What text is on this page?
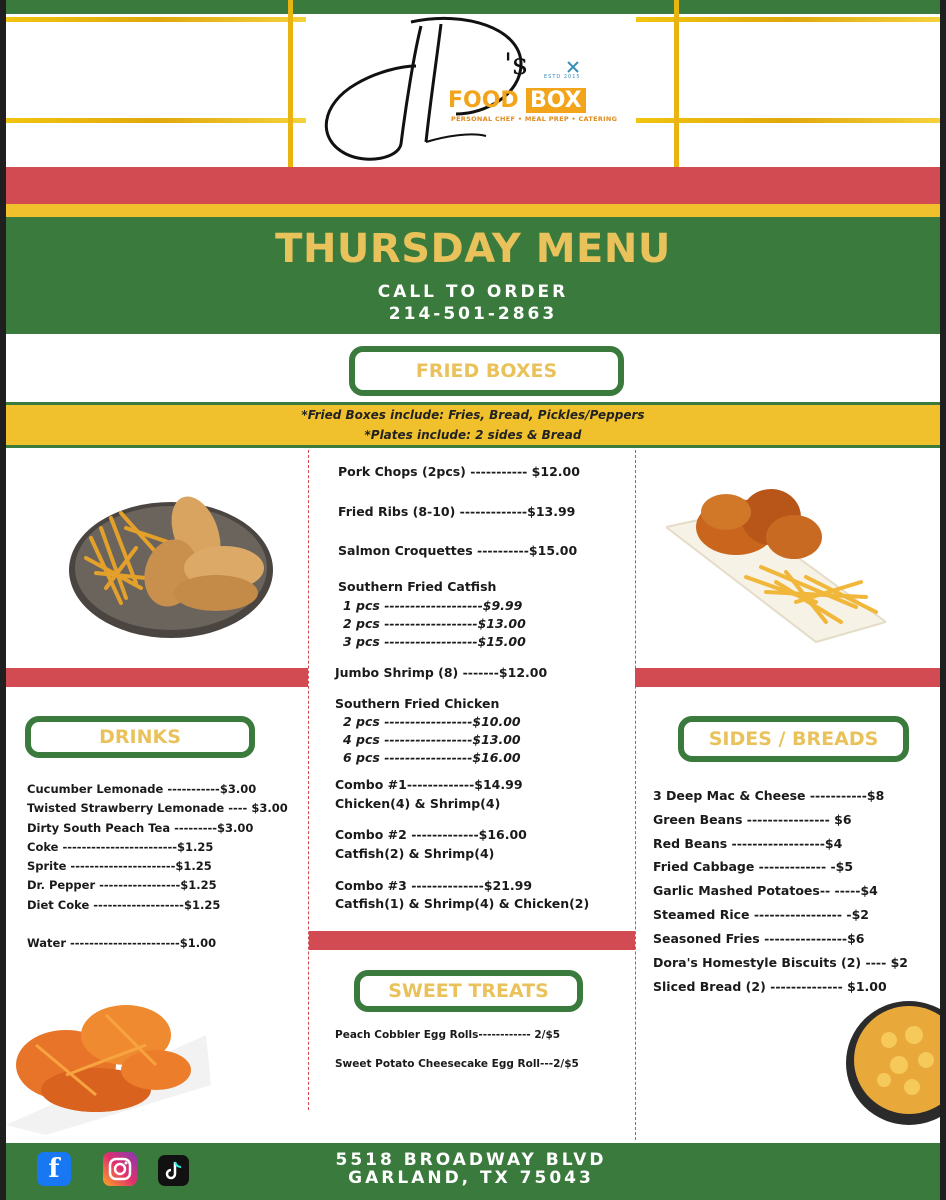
's	ESTD 2015
FOOD BOX
PERSONAL CHEF • MEAL PREP • CATERING
THURSDAY MENU
CALL TO ORDER
214-501-2863
FRIED BOXES
*Fried Boxes include: Fries, Bread, Pickles/Peppers
*Plates include: 2 sides & Bread
Pork Chops (2pcs) ----------- $12.00
Fried Ribs (8-10) -------------$13.99
Salmon Croquettes ----------$15.00
Southern Fried Catfish
1 pcs -------------------$9.99
2 pcs ------------------$13.00
3 pcs ------------------$15.00
Jumbo Shrimp (8) -------$12.00
Southern Fried Chicken
2 pcs -----------------$10.00
4 pcs -----------------$13.00
6 pcs -----------------$16.00
Combo #1-------------$14.99
Chicken(4) & Shrimp(4)
Combo #2 -------------$16.00
Catfish(2) & Shrimp(4)
Combo #3 --------------$21.99
Catfish(1) & Shrimp(4) & Chicken(2)
DRINKS
Cucumber Lemonade -----------$3.00
Twisted Strawberry Lemonade ---- $3.00
Dirty South Peach Tea ---------$3.00
Coke ------------------------$1.25
Sprite ----------------------$1.25
Dr. Pepper -----------------$1.25
Diet Coke -------------------$1.25
Water -----------------------$1.00
SIDES / BREADS
3 Deep Mac & Cheese -----------$8
Green Beans ---------------- $6
Red Beans ------------------$4
Fried Cabbage ------------- -$5
Garlic Mashed Potatoes-- -----$4
Steamed Rice ----------------- -$2
Seasoned Fries ----------------$6
Dora's Homestyle Biscuits (2) ---- $2
Sliced Bread (2) -------------- $1.00
SWEET TREATS
Peach Cobbler Egg Rolls------------ 2/$5
Sweet Potato Cheesecake Egg Roll---2/$5
5518 BROADWAY BLVD
GARLAND, TX 75043
f
